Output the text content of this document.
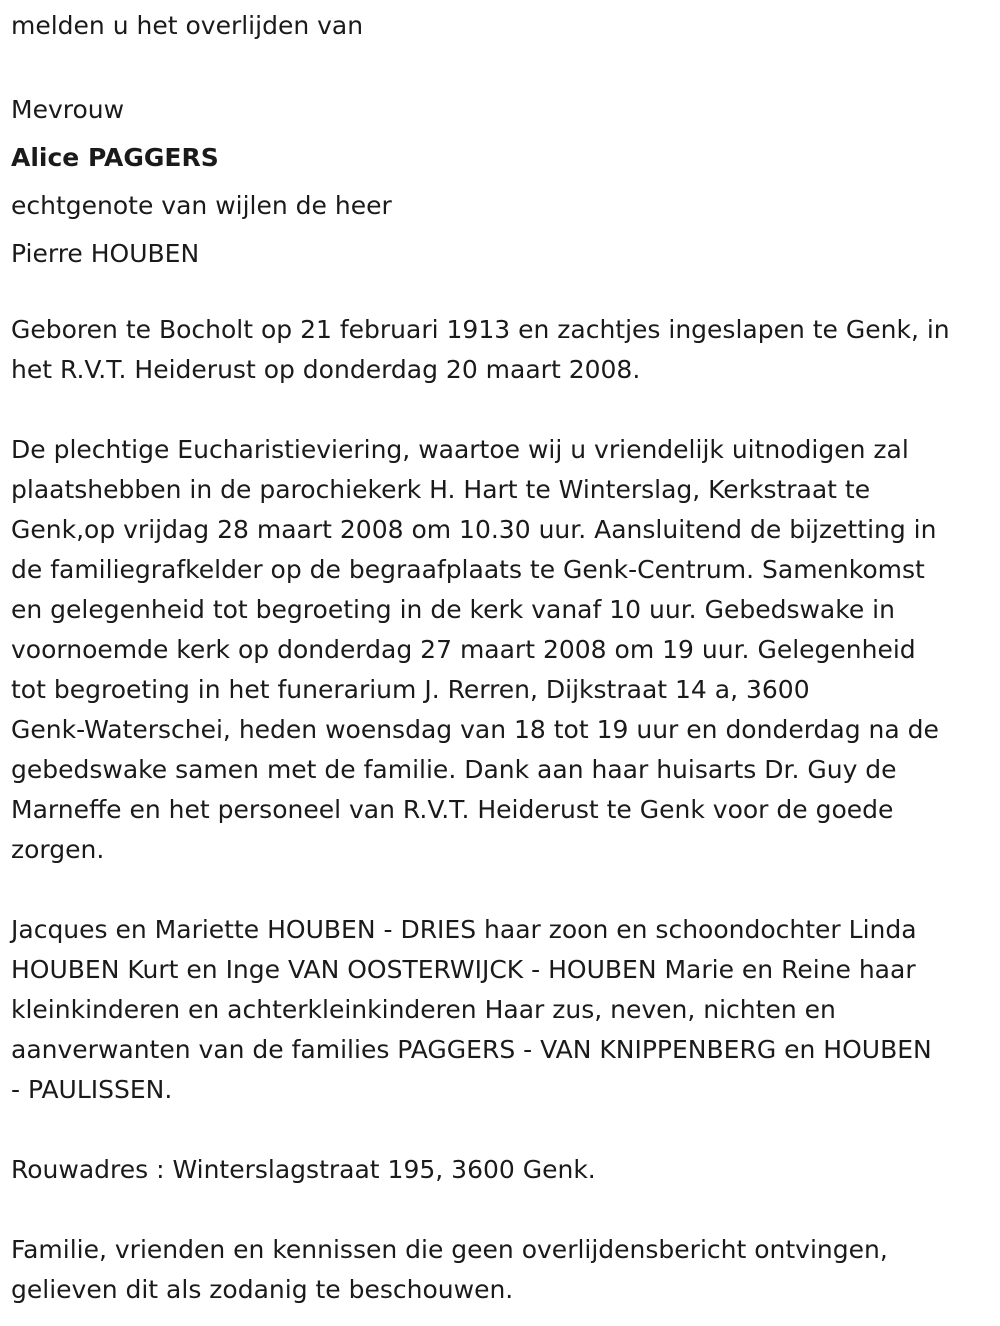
melden u het overlijden van
Mevrouw
Alice PAGGERS
echtgenote van wijlen de heer
Pierre HOUBEN
Geboren te Bocholt op 21 februari 1913 en zachtjes ingeslapen te Genk, in
het R.V.T. Heiderust op donderdag 20 maart 2008.
De plechtige Eucharistieviering, waartoe wij u vriendelijk uitnodigen zal
plaatshebben in de parochiekerk H. Hart te Winterslag, Kerkstraat te
Genk,op vrijdag 28 maart 2008 om 10.30 uur. Aansluitend de bijzetting in
de familiegrafkelder op de begraafplaats te Genk-Centrum. Samenkomst
en gelegenheid tot begroeting in de kerk vanaf 10 uur. Gebedswake in
voornoemde kerk op donderdag 27 maart 2008 om 19 uur. Gelegenheid
tot begroeting in het funerarium J. Rerren, Dijkstraat 14 a, 3600
Genk-Waterschei, heden woensdag van 18 tot 19 uur en donderdag na de
gebedswake samen met de familie. Dank aan haar huisarts Dr. Guy de
Marneffe en het personeel van R.V.T. Heiderust te Genk voor de goede
zorgen.
Jacques en Mariette HOUBEN - DRIES haar zoon en schoondochter Linda
HOUBEN Kurt en Inge VAN OOSTERWIJCK - HOUBEN Marie en Reine haar
kleinkinderen en achterkleinkinderen Haar zus, neven, nichten en
aanverwanten van de families PAGGERS - VAN KNIPPENBERG en HOUBEN
- PAULISSEN.
Rouwadres : Winterslagstraat 195, 3600 Genk.
Familie, vrienden en kennissen die geen overlijdensbericht ontvingen,
gelieven dit als zodanig te beschouwen.
